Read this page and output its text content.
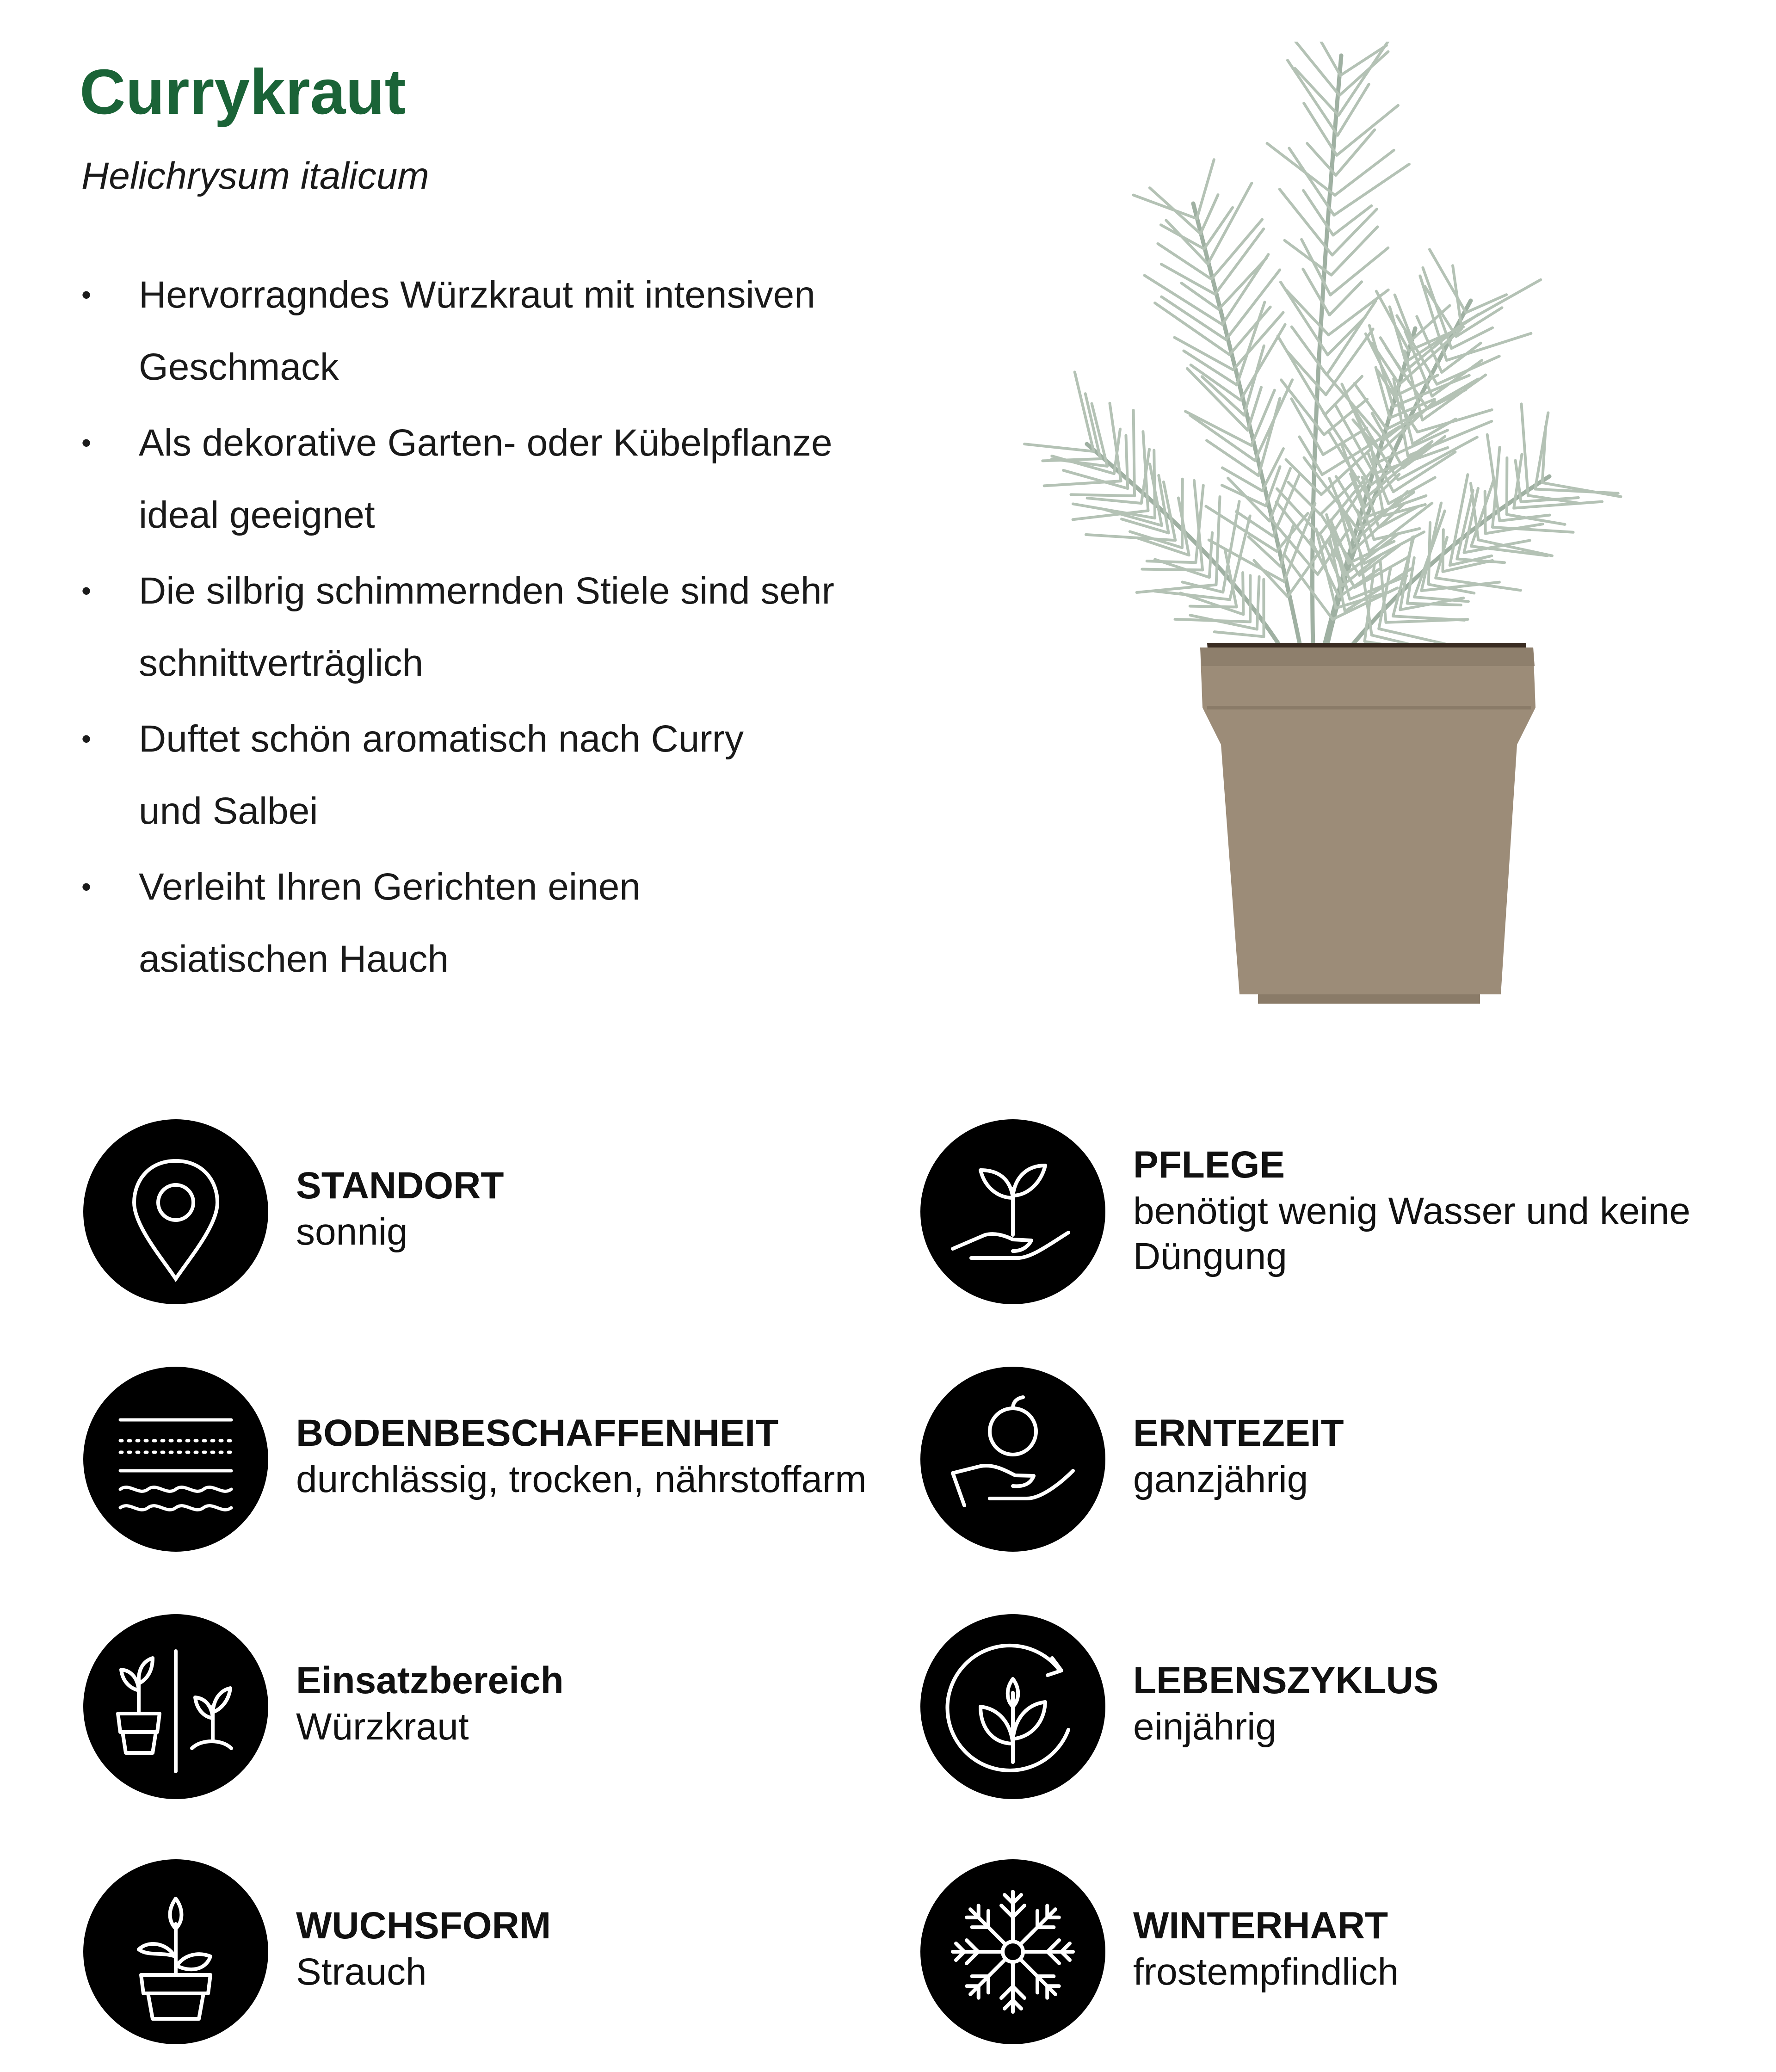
Currykraut
Helichrysum italicum
• Hervorragndes Würzkraut mit intensiven
Geschmack
• Als dekorative Garten- oder Kübelpflanze
ideal geeignet
• Die silbrig schimmernden Stiele sind sehr
schnittverträglich
• Duftet schön aromatisch nach Curry
und Salbei
• Verleiht Ihren Gerichten einen
asiatischen Hauch
STANDORT
sonnig
PFLEGE
benötigt wenig Wasser und keine
Düngung
BODENBESCHAFFENHEIT
durchlässig, trocken, nährstoffarm
ERNTEZEIT
ganzjährig
Einsatzbereich
Würzkraut
LEBENSZYKLUS
einjährig
WUCHSFORM
Strauch
WINTERHART
frostempfindlich
